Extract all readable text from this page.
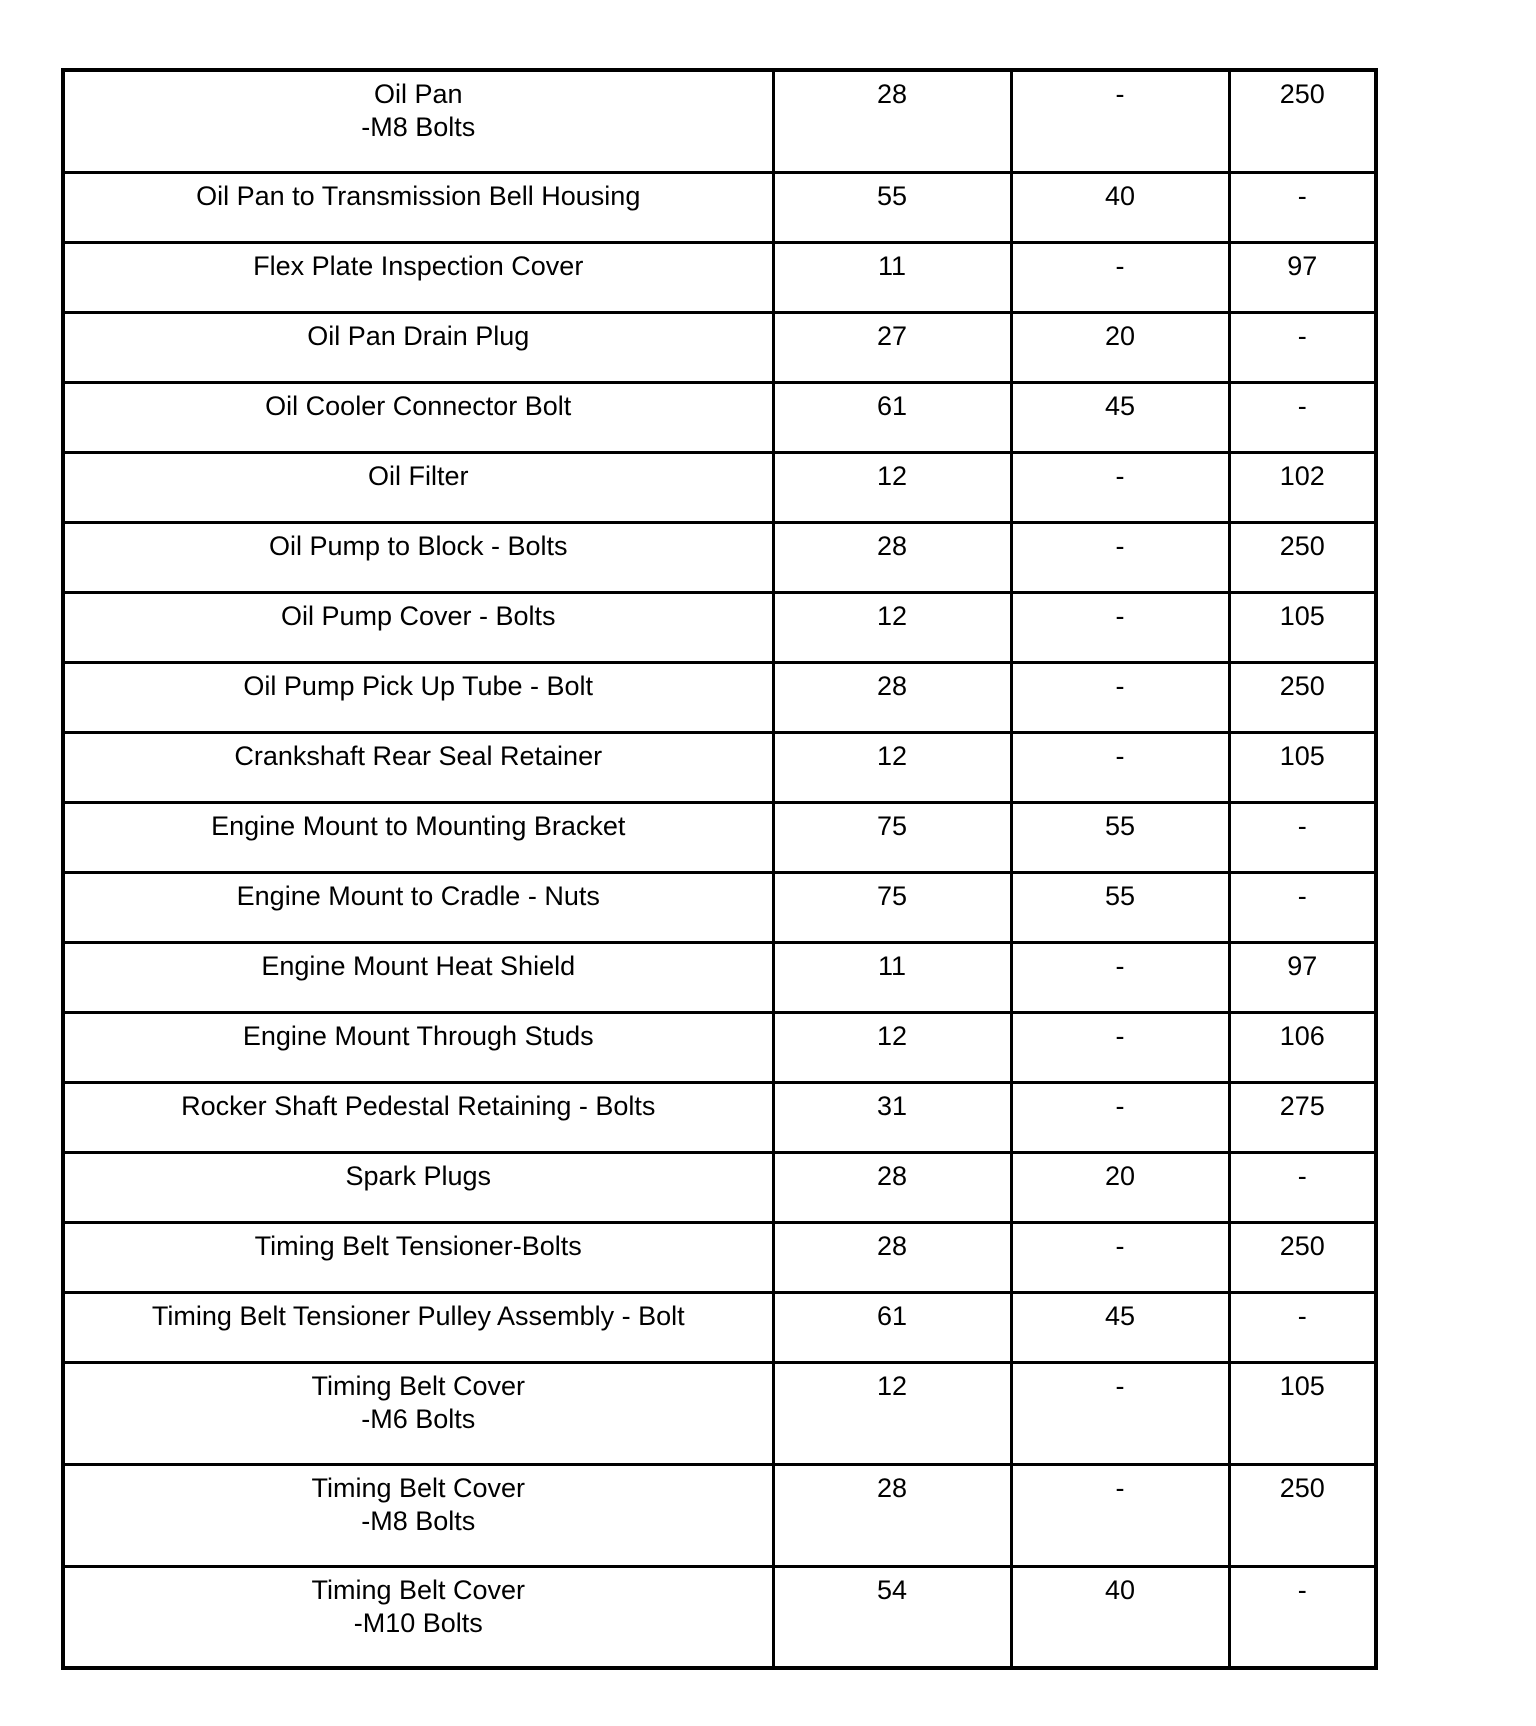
Oil Pan
-M8 Bolts	28	-	250
Oil Pan to Transmission Bell Housing	55	40	-
Flex Plate Inspection Cover	11	-	97
Oil Pan Drain Plug	27	20	-
Oil Cooler Connector Bolt	61	45	-
Oil Filter	12	-	102
Oil Pump to Block - Bolts	28	-	250
Oil Pump Cover - Bolts	12	-	105
Oil Pump Pick Up Tube - Bolt	28	-	250
Crankshaft Rear Seal Retainer	12	-	105
Engine Mount to Mounting Bracket	75	55	-
Engine Mount to Cradle - Nuts	75	55	-
Engine Mount Heat Shield	11	-	97
Engine Mount Through Studs	12	-	106
Rocker Shaft Pedestal Retaining - Bolts	31	-	275
Spark Plugs	28	20	-
Timing Belt Tensioner-Bolts	28	-	250
Timing Belt Tensioner Pulley Assembly - Bolt	61	45	-
Timing Belt Cover
-M6 Bolts	12	-	105
Timing Belt Cover
-M8 Bolts	28	-	250
Timing Belt Cover
-M10 Bolts	54	40	-
